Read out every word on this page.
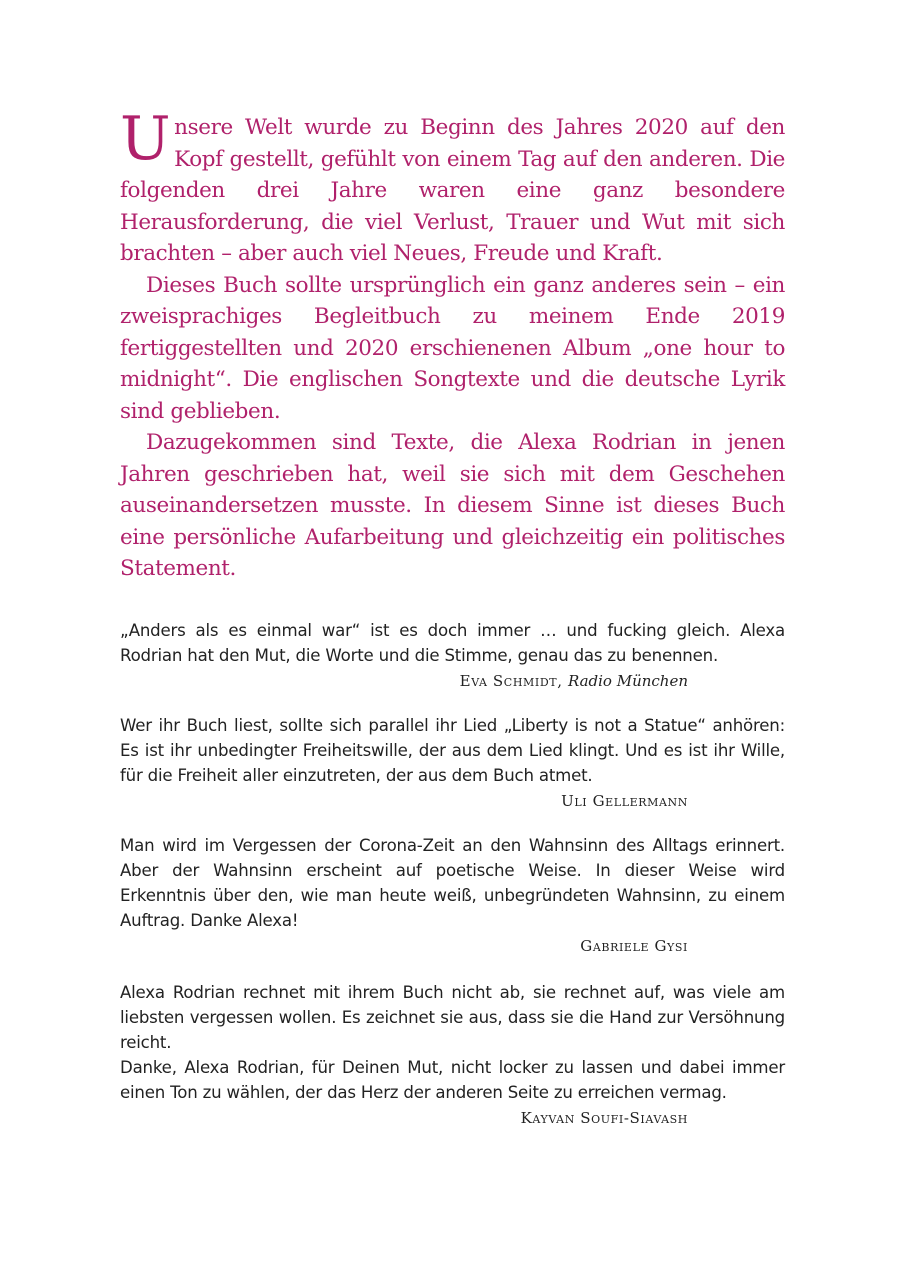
Unsere Welt wurde zu Beginn des Jahres 2020 auf den Kopf gestellt, gefühlt von einem Tag auf den anderen. Die folgenden drei Jahre waren eine ganz besondere Herausforderung, die viel Verlust, Trauer und Wut mit sich brachten – aber auch viel Neues, Freude und Kraft.

Dieses Buch sollte ursprünglich ein ganz anderes sein – ein zweisprachiges Begleitbuch zu meinem Ende 2019 fertiggestellten und 2020 erschienenen Album „one hour to midnight“. Die englischen Songtexte und die deutsche Lyrik sind geblieben.

Dazugekommen sind Texte, die Alexa Rodrian in jenen Jahren geschrieben hat, weil sie sich mit dem Geschehen auseinandersetzen musste. In diesem Sinne ist dieses Buch eine persönliche Aufarbeitung und gleichzeitig ein politisches Statement.

„Anders als es einmal war“ ist es doch immer … und fucking gleich. Alexa Rodrian hat den Mut, die Worte und die Stimme, genau das zu benennen.

Eva Schmidt, Radio München

Wer ihr Buch liest, sollte sich parallel ihr Lied „Liberty is not a Statue“ anhören: Es ist ihr unbedingter Freiheitswille, der aus dem Lied klingt. Und es ist ihr Wille, für die Freiheit aller einzutreten, der aus dem Buch atmet.

Uli Gellermann

Man wird im Vergessen der Corona-Zeit an den Wahnsinn des Alltags erinnert. Aber der Wahnsinn erscheint auf poetische Weise. In dieser Weise wird Erkenntnis über den, wie man heute weiß, unbegründeten Wahnsinn, zu einem Auftrag. Danke Alexa!

Gabriele Gysi

Alexa Rodrian rechnet mit ihrem Buch nicht ab, sie rechnet auf, was viele am liebsten vergessen wollen. Es zeichnet sie aus, dass sie die Hand zur Versöhnung reicht.

Danke, Alexa Rodrian, für Deinen Mut, nicht locker zu lassen und dabei immer einen Ton zu wählen, der das Herz der anderen Seite zu erreichen vermag.

Kayvan Soufi-Siavash
